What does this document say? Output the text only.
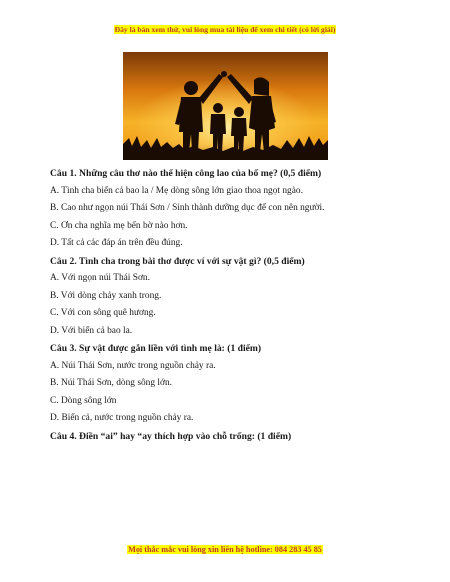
Đây là bản xem thử, vui lòng mua tài liệu để xem chi tiết (có lời giải)
Câu 1. Những câu thơ nào thể hiện công lao của bố mẹ? (0,5 điểm)
A. Tình cha biển cả bao la / Mẹ dòng sông lớn giao thoa ngọt ngào.
B. Cao như ngọn núi Thái Sơn / Sinh thành dưỡng dục để con nên người.
C. Ơn cha nghĩa mẹ bến bờ nào hơn.
D. Tất cả các đáp án trên đều đúng.
Câu 2. Tình cha trong bài thơ được ví với sự vật gì? (0,5 điểm)
A. Với ngọn núi Thái Sơn.
B. Với dòng chảy xanh trong.
C. Với con sông quê hương.
D. Với biển cả bao la.
Câu 3. Sự vật được gắn liền với tình mẹ là: (1 điểm)
A. Núi Thái Sơn, nước trong nguồn chảy ra.
B. Núi Thái Sơn, dòng sông lớn.
C. Dòng sông lớn
D. Biển cả, nước trong nguồn chảy ra.
Câu 4. Điền “ai” hay “ay thích hợp vào chỗ trống: (1 điểm)
Mọi thắc mắc vui lòng xin liên hệ hotline: 084 283 45 85
